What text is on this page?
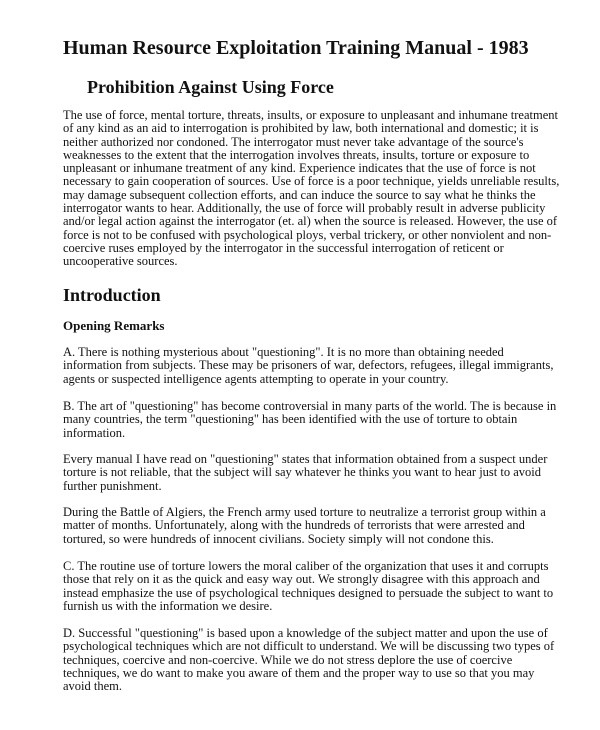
Human Resource Exploitation Training Manual - 1983
Prohibition Against Using Force

The use of force, mental torture, threats, insults, or exposure to unpleasant and inhumane treatment
of any kind as an aid to interrogation is prohibited by law, both international and domestic; it is
neither authorized nor condoned. The interrogator must never take advantage of the source's
weaknesses to the extent that the interrogation involves threats, insults, torture or exposure to
unpleasant or inhumane treatment of any kind. Experience indicates that the use of force is not
necessary to gain cooperation of sources. Use of force is a poor technique, yields unreliable results,
may damage subsequent collection efforts, and can induce the source to say what he thinks the
interrogator wants to hear. Additionally, the use of force will probably result in adverse publicity
and/or legal action against the interrogator (et. al) when the source is released. However, the use of
force is not to be confused with psychological ploys, verbal trickery, or other nonviolent and non-
coercive ruses employed by the interrogator in the successful interrogation of reticent or
uncooperative sources.

Introduction
Opening Remarks

A. There is nothing mysterious about "questioning". It is no more than obtaining needed
information from subjects. These may be prisoners of war, defectors, refugees, illegal immigrants,
agents or suspected intelligence agents attempting to operate in your country.

B. The art of "questioning" has become controversial in many parts of the world. The is because in
many countries, the term "questioning" has been identified with the use of torture to obtain
information.

Every manual I have read on "questioning" states that information obtained from a suspect under
torture is not reliable, that the subject will say whatever he thinks you want to hear just to avoid
further punishment.

During the Battle of Algiers, the French army used torture to neutralize a terrorist group within a
matter of months. Unfortunately, along with the hundreds of terrorists that were arrested and
tortured, so were hundreds of innocent civilians. Society simply will not condone this.

C. The routine use of torture lowers the moral caliber of the organization that uses it and corrupts
those that rely on it as the quick and easy way out. We strongly disagree with this approach and
instead emphasize the use of psychological techniques designed to persuade the subject to want to
furnish us with the information we desire.

D. Successful "questioning" is based upon a knowledge of the subject matter and upon the use of
psychological techniques which are not difficult to understand. We will be discussing two types of
techniques, coercive and non-coercive. While we do not stress deplore the use of coercive
techniques, we do want to make you aware of them and the proper way to use so that you may
avoid them.
